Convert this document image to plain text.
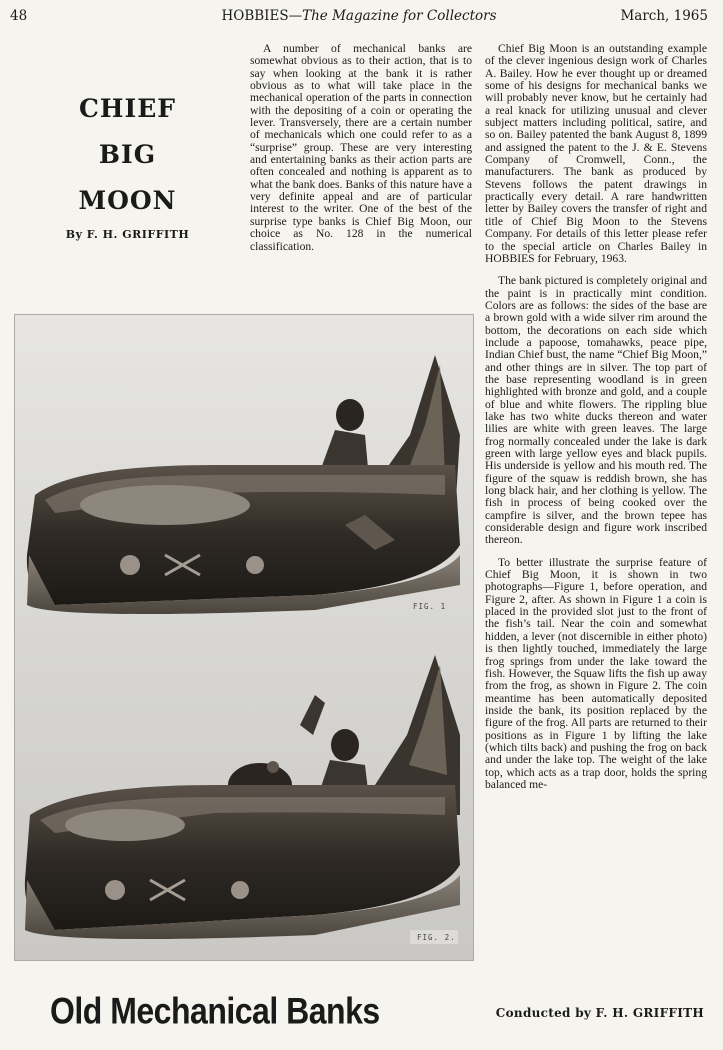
48	HOBBIES—The Magazine for Collectors	March, 1965
CHIEF
BIG
MOON
By F. H. GRIFFITH

A number of mechanical banks are somewhat obvious as to their action, that is to say when looking at the bank it is rather obvious as to what will take place in the mechanical operation of the parts in connection with the depositing of a coin or operating the lever. Transversely, there are a certain number of mechanicals which one could refer to as a “surprise” group. These are very interesting and entertaining banks as their action parts are often concealed and nothing is apparent as to what the bank does. Banks of this nature have a very definite appeal and are of particular interest to the writer. One of the best of the surprise type banks is Chief Big Moon, our choice as No. 128 in the numerical classification.

Chief Big Moon is an outstanding example of the clever ingenious design work of Charles A. Bailey. How he ever thought up or dreamed some of his designs for mechanical banks we will probably never know, but he certainly had a real knack for utilizing unusual and clever subject matters including political, satire, and so on. Bailey patented the bank August 8, 1899 and assigned the patent to the J. & E. Stevens Company of Cromwell, Conn., the manufacturers. The bank as produced by Stevens follows the patent drawings in practically every detail. A rare handwritten letter by Bailey covers the transfer of right and title of Chief Big Moon to the Stevens Company. For details of this letter please refer to the special article on Charles Bailey in HOBBIES for February, 1963.

The bank pictured is completely original and the paint is in practically mint condition. Colors are as follows: the sides of the base are a brown gold with a wide silver rim around the bottom, the decorations on each side which include a papoose, tomahawks, peace pipe, Indian Chief bust, the name “Chief Big Moon,” and other things are in silver. The top part of the base representing woodland is in green highlighted with bronze and gold, and a couple of blue and white flowers. The rippling blue lake has two white ducks thereon and water lilies are white with green leaves. The large frog normally concealed under the lake is dark green with large yellow eyes and black pupils. His underside is yellow and his mouth red. The figure of the squaw is reddish brown, she has long black hair, and her clothing is yellow. The fish in process of being cooked over the campfire is silver, and the brown tepee has considerable design and figure work inscribed thereon.

To better illustrate the surprise feature of Chief Big Moon, it is shown in two photographs—Figure 1, before operation, and Figure 2, after. As shown in Figure 1 a coin is placed in the provided slot just to the front of the fish’s tail. Near the coin and somewhat hidden, a lever (not discernible in either photo) is then lightly touched, immediately the large frog springs from under the lake toward the fish. However, the Squaw lifts the fish up away from the frog, as shown in Figure 2. The coin meantime has been automatically deposited inside the bank, its position replaced by the figure of the frog. All parts are returned to their positions as in Figure 1 by lifting the lake (which tilts back) and pushing the frog on back and under the lake top. The weight of the lake top, which acts as a trap door, holds the spring balanced me-

FIG. 1
FIG. 2.
Old Mechanical Banks	Conducted by F. H. GRIFFITH
